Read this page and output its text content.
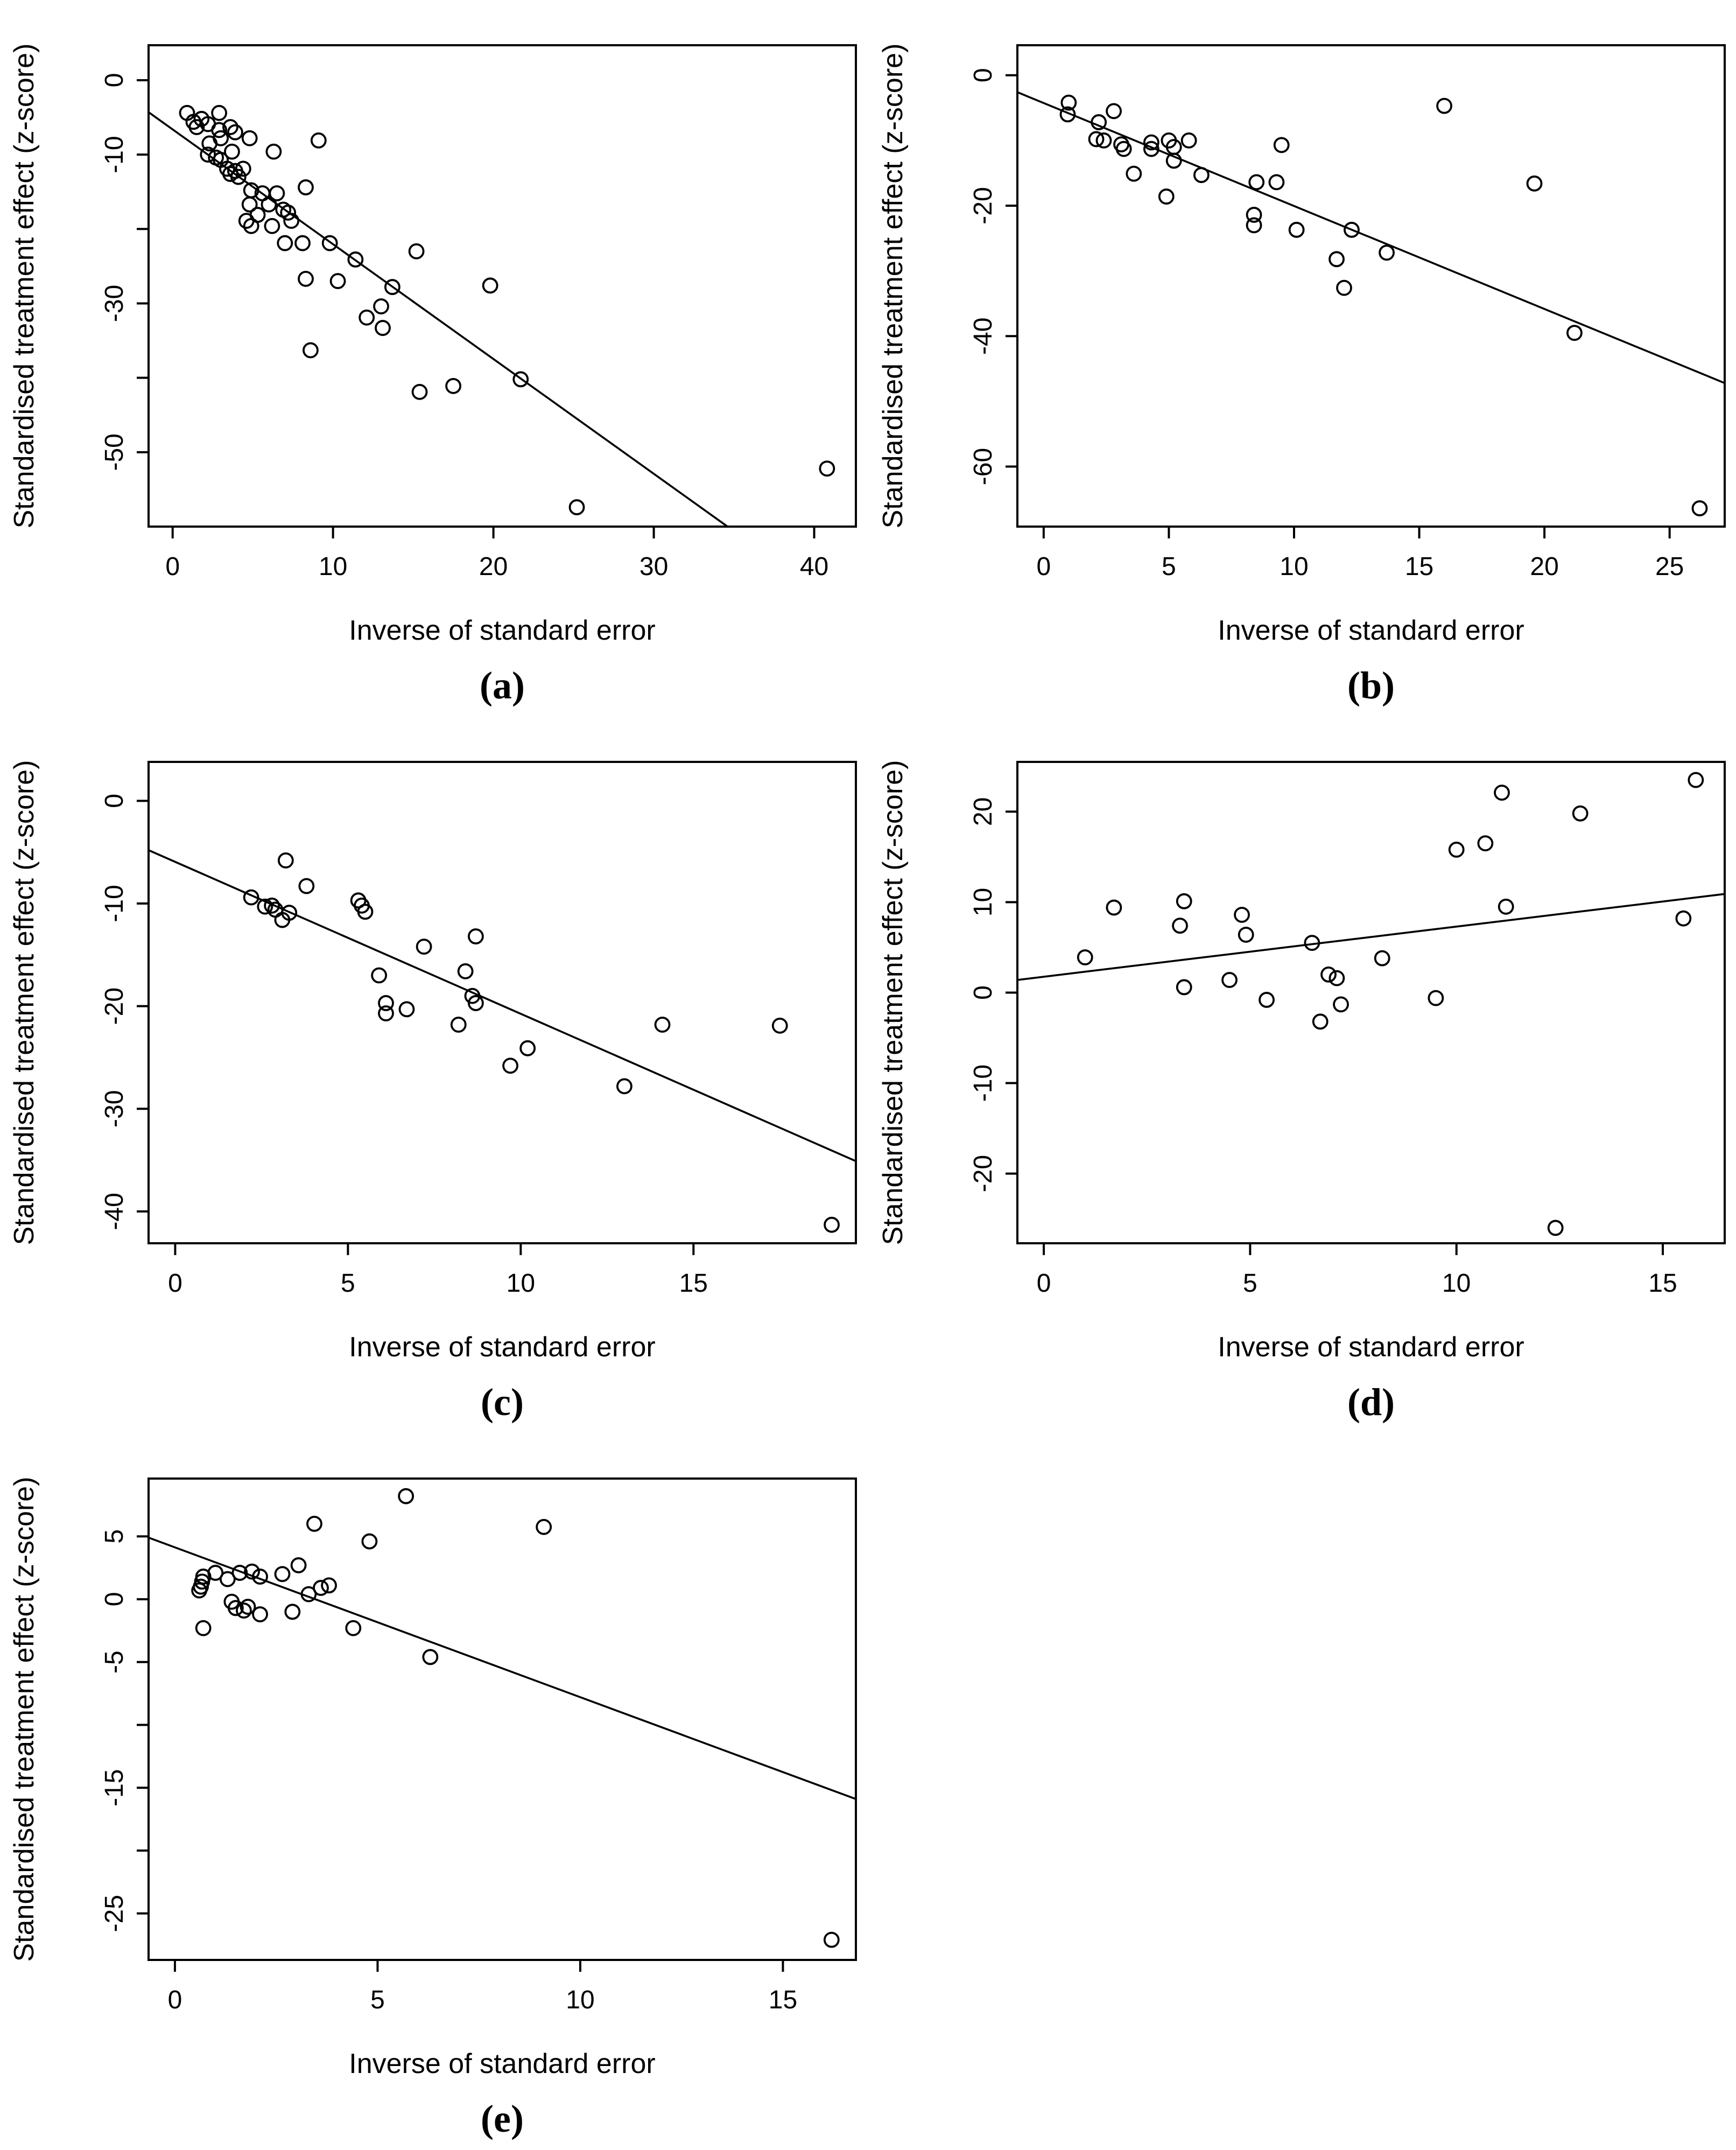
0	10	20	30	40
0
-10
-30
-50
Inverse of standard error
Standardised treatment effect (z-score)
(a)
0	5	10	15	20	25
0
-20
-40
-60
Inverse of standard error
Standardised treatment effect (z-score)
(b)
0	5	10	15
0
-10
-20
-30
-40
Inverse of standard error
Standardised treatment effect (z-score)
(c)
0	5	10	15
20
10
0
-10
-20
Inverse of standard error
Standardised treatment effect (z-score)
(d)
0	5	10	15
5
0
-5
-15
-25
Inverse of standard error
Standardised treatment effect (z-score)
(e)
